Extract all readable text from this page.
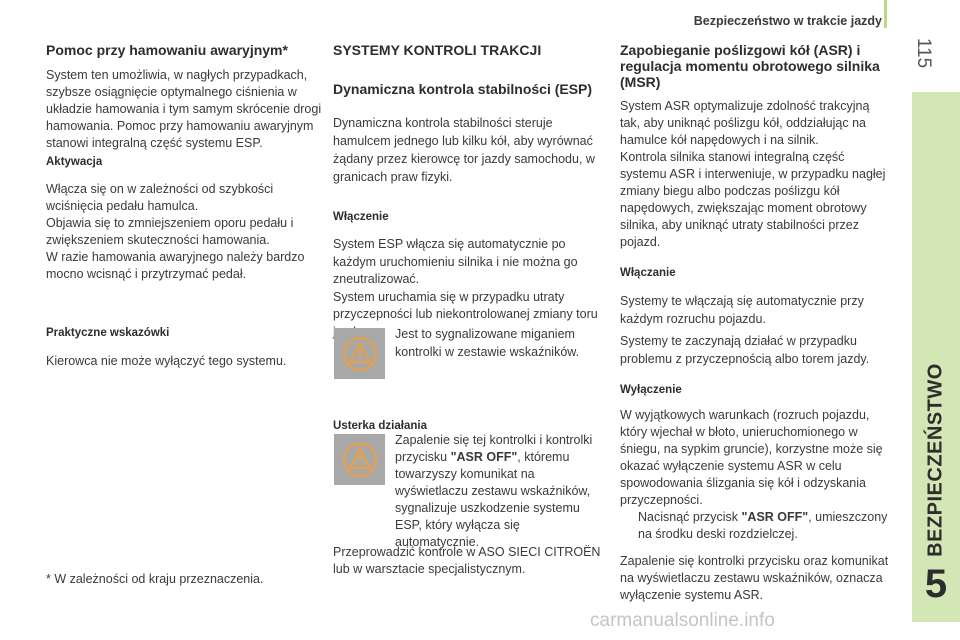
Bezpieczeństwo w trakcie jazdy
115
BEZPIECZEŃSTWO
5

Pomoc przy hamowaniu awaryjnym*

System ten umożliwia, w nagłych przypadkach, szybsze osiągnięcie optymalnego ciśnienia w układzie hamowania i tym samym skrócenie drogi hamowania. Pomoc przy hamowaniu awaryjnym stanowi integralną część systemu ESP.

Aktywacja

Włącza się on w zależności od szybkości wciśnięcia pedału hamulca.

Objawia się to zmniejszeniem oporu pedału i zwiększeniem skuteczności hamowania.

W razie hamowania awaryjnego należy bardzo mocno wcisnąć i przytrzymać pedał.

Praktyczne wskazówki

Kierowca nie może wyłączyć tego systemu.

* W zależności od kraju przeznaczenia.

SYSTEMY KONTROLI TRAKCJI

Dynamiczna kontrola stabilności (ESP)

Dynamiczna kontrola stabilności steruje hamulcem jednego lub kilku kół, aby wyrównać żądany przez kierowcę tor jazdy samochodu, w granicach praw fizyki.

Włączenie

System ESP włącza się automatycznie po każdym uruchomieniu silnika i nie można go zneutralizować.

System uruchamia się w przypadku utraty przyczepności lub niekontrolowanej zmiany toru

Jest to sygnalizowane miganiem kontrolki w zestawie wskaźników.

Usterka działania

Zapalenie się tej kontrolki i kontrolki przycisku "ASR OFF", któremu towarzyszy komunikat na wyświetlaczu zestawu wskaźników, sygnalizuje uszkodzenie systemu ESP, który wyłącza się automatycznie.
Przeprowadzić kontrole w ASO SIECI CITROËN lub w warsztacie specjalistycznym.

Zapobieganie poślizgowi kół (ASR) i regulacja momentu obrotowego silnika (MSR)

System ASR optymalizuje zdolność trakcyjną tak, aby uniknąć poślizgu kół, oddziałując na hamulce kół napędowych i na silnik.

Kontrola silnika stanowi integralną część systemu ASR i interweniuje, w przypadku nagłej zmiany biegu albo podczas poślizgu kół napędowych, zwiększając moment obrotowy silnika, aby uniknąć utraty stabilności przez pojazd.

Włączanie

Systemy te włączają się automatycznie przy każdym rozruchu pojazdu.

Systemy te zaczynają działać w przypadku problemu z przyczepnością albo torem jazdy.

Wyłączenie

W wyjątkowych warunkach (rozruch pojazdu, który wjechał w błoto, unieruchomionego w śniegu, na sypkim gruncie), korzystne może się okazać wyłączenie systemu ASR w celu spowodowania ślizgania się kół i odzyskania przyczepności.

Nacisnąć przycisk "ASR OFF", umieszczony na środku deski rozdzielczej.

Zapalenie się kontrolki przycisku oraz komunikat na wyświetlaczu zestawu wskaźników, oznacza wyłączenie systemu ASR.

carmanualsonline.info
